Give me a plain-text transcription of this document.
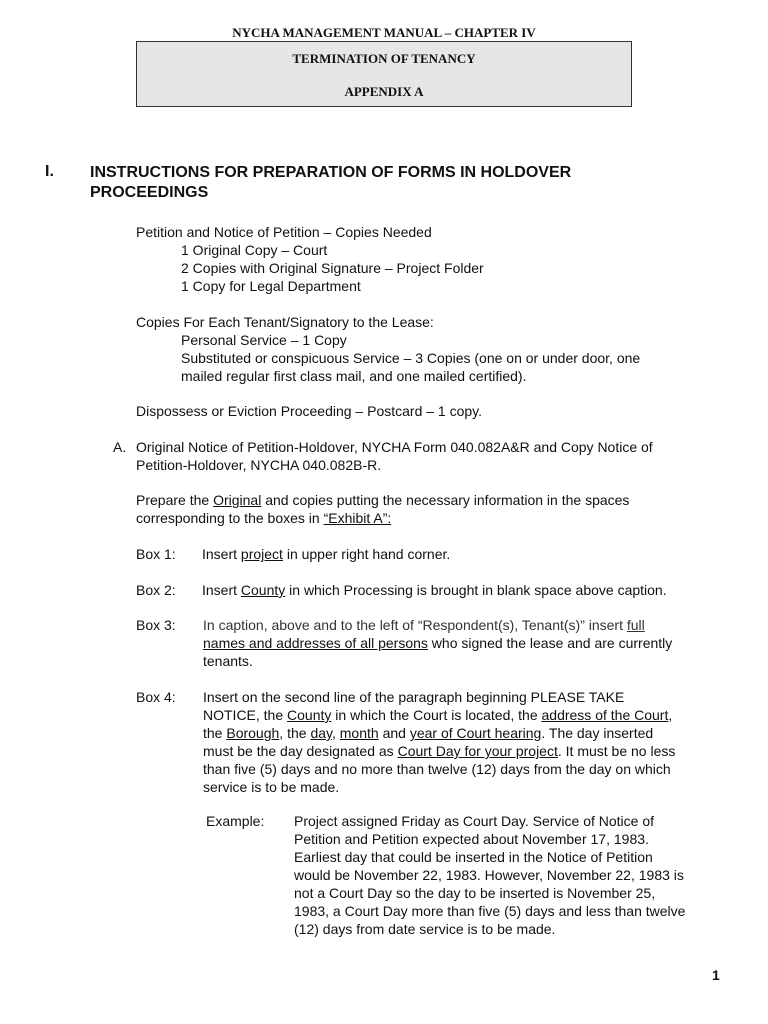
NYCHA MANAGEMENT MANUAL – CHAPTER IV
TERMINATION OF TENANCY
APPENDIX A
I. INSTRUCTIONS FOR PREPARATION OF FORMS IN HOLDOVER PROCEEDINGS
Petition and Notice of Petition – Copies Needed
1 Original Copy – Court
2 Copies with Original Signature – Project Folder
1 Copy for Legal Department
Copies For Each Tenant/Signatory to the Lease:
Personal Service – 1 Copy
Substituted or conspicuous Service – 3 Copies (one on or under door, one
mailed regular first class mail, and one mailed certified).
Dispossess or Eviction Proceeding – Postcard – 1 copy.
A. Original Notice of Petition-Holdover, NYCHA Form 040.082A&R and Copy Notice of
Petition-Holdover, NYCHA 040.082B-R.
Prepare the Original and copies putting the necessary information in the spaces
corresponding to the boxes in “Exhibit A”:
Box 1: Insert project in upper right hand corner.
Box 2: Insert County in which Processing is brought in blank space above caption.
Box 3: In caption, above and to the left of “Respondent(s), Tenant(s)” insert full
names and addresses of all persons who signed the lease and are currently
tenants.
Box 4: Insert on the second line of the paragraph beginning PLEASE TAKE
NOTICE, the County in which the Court is located, the address of the Court,
the Borough, the day, month and year of Court hearing. The day inserted
must be the day designated as Court Day for your project. It must be no less
than five (5) days and no more than twelve (12) days from the day on which
service is to be made.
Example: Project assigned Friday as Court Day. Service of Notice of
Petition and Petition expected about November 17, 1983.
Earliest day that could be inserted in the Notice of Petition
would be November 22, 1983. However, November 22, 1983 is
not a Court Day so the day to be inserted is November 25,
1983, a Court Day more than five (5) days and less than twelve
(12) days from date service is to be made.
1
